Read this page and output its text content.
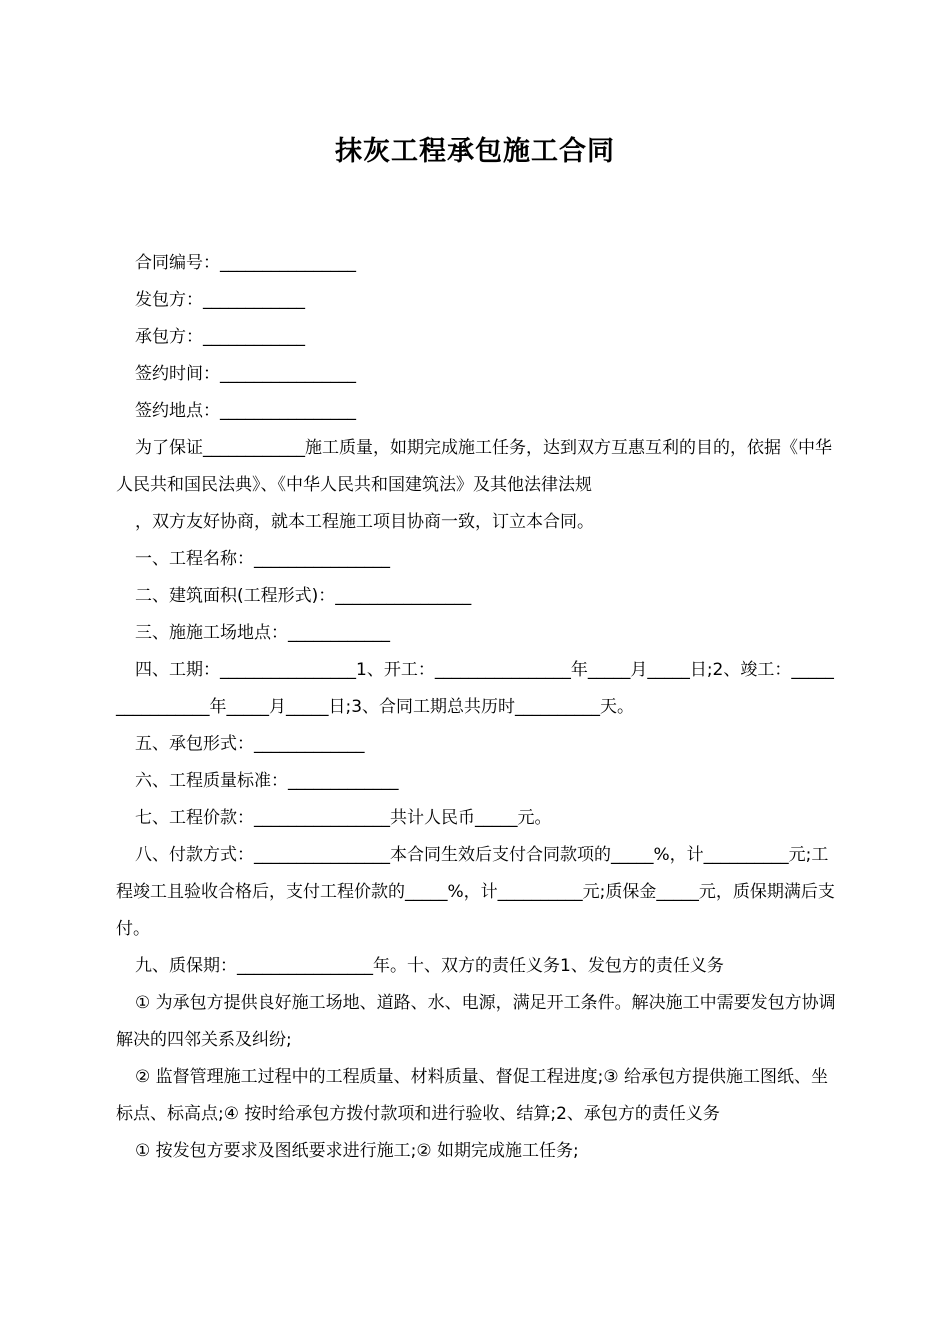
抹灰工程承包施工合同

合同编号：________________

发包方：____________

承包方：____________

签约时间：________________

签约地点：________________

为了保证____________施工质量，如期完成施工任务，达到双方互惠互利的目的，依据《中华人民共和国民法典》、《中华人民共和国建筑法》及其他法律法规

，双方友好协商，就本工程施工项目协商一致，订立本合同。

一、工程名称：________________

二、建筑面积(工程形式)：________________

三、施施工场地点：____________

四、工期：________________1、开工：________________年_____月_____日;2、竣工：________________年_____月_____日;3、合同工期总共历时__________天。

五、承包形式：_____________

六、工程质量标准：_____________

七、工程价款：________________共计人民币_____元。

八、付款方式：________________本合同生效后支付合同款项的_____%，计__________元;工程竣工且验收合格后，支付工程价款的_____%，计__________元;质保金_____元，质保期满后支付。

九、质保期：________________年。十、双方的责任义务1、发包方的责任义务

① 为承包方提供良好施工场地、道路、水、电源，满足开工条件。解决施工中需要发包方协调解决的四邻关系及纠纷;

② 监督管理施工过程中的工程质量、材料质量、督促工程进度;③ 给承包方提供施工图纸、坐标点、标高点;④ 按时给承包方拨付款项和进行验收、结算;2、承包方的责任义务

① 按发包方要求及图纸要求进行施工;② 如期完成施工任务;
